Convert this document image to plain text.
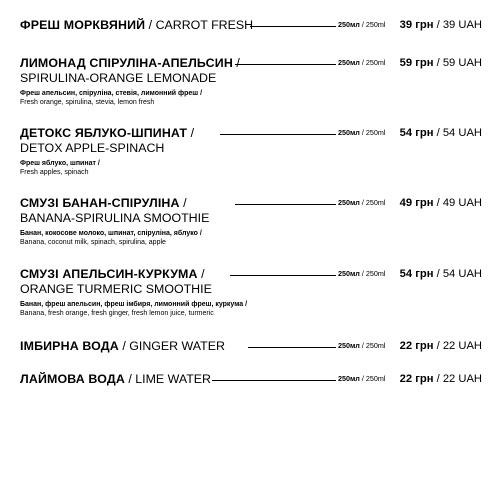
ФРЕШ МОРКВЯНИЙ / CARROT FRESH	250мл / 250ml 39 грн / 39 UAH
ЛИМОНАД СПІРУЛІНА-АПЕЛЬСИН /
SPIRULINA-ORANGE LEMONADE
250мл / 250ml 59 грн / 59 UAH
Фреш апельсин, спіруліна, стевія, лимонний фреш /
Fresh orange, spirulina, stevia, lemon fresh
ДЕТОКС ЯБЛУКО-ШПИНАТ /	250мл / 250ml 54 грн / 54 UAH
DETOX APPLE-SPINACH
Фреш яблуко, шпинат /
Fresh apples, spinach
СМУЗІ БАНАН-СПІРУЛІНА /
BANANA-SPIRULINA SMOOTHIE
250мл / 250ml 49 грн / 49 UAH
Банан, кокосове молоко, шпинат, спіруліна, яблуко /
Banana, coconut milk, spinach, spirulina, apple
СМУЗІ АПЕЛЬСИН-КУРКУМА /	250мл / 250ml 54 грн / 54 UAH
ORANGE TURMERIC SMOOTHIE
Банан, фреш апельсин, фреш імбиря, лимонний фреш, куркума /
Banana, fresh orange, fresh ginger, fresh lemon juice, turmeric
ІМБИРНА ВОДА / GINGER WATER	250мл / 250ml 22 грн / 22 UAH
ЛАЙМОВА ВОДА / LIME WATER	250мл / 250ml 22 грн / 22 UAH
